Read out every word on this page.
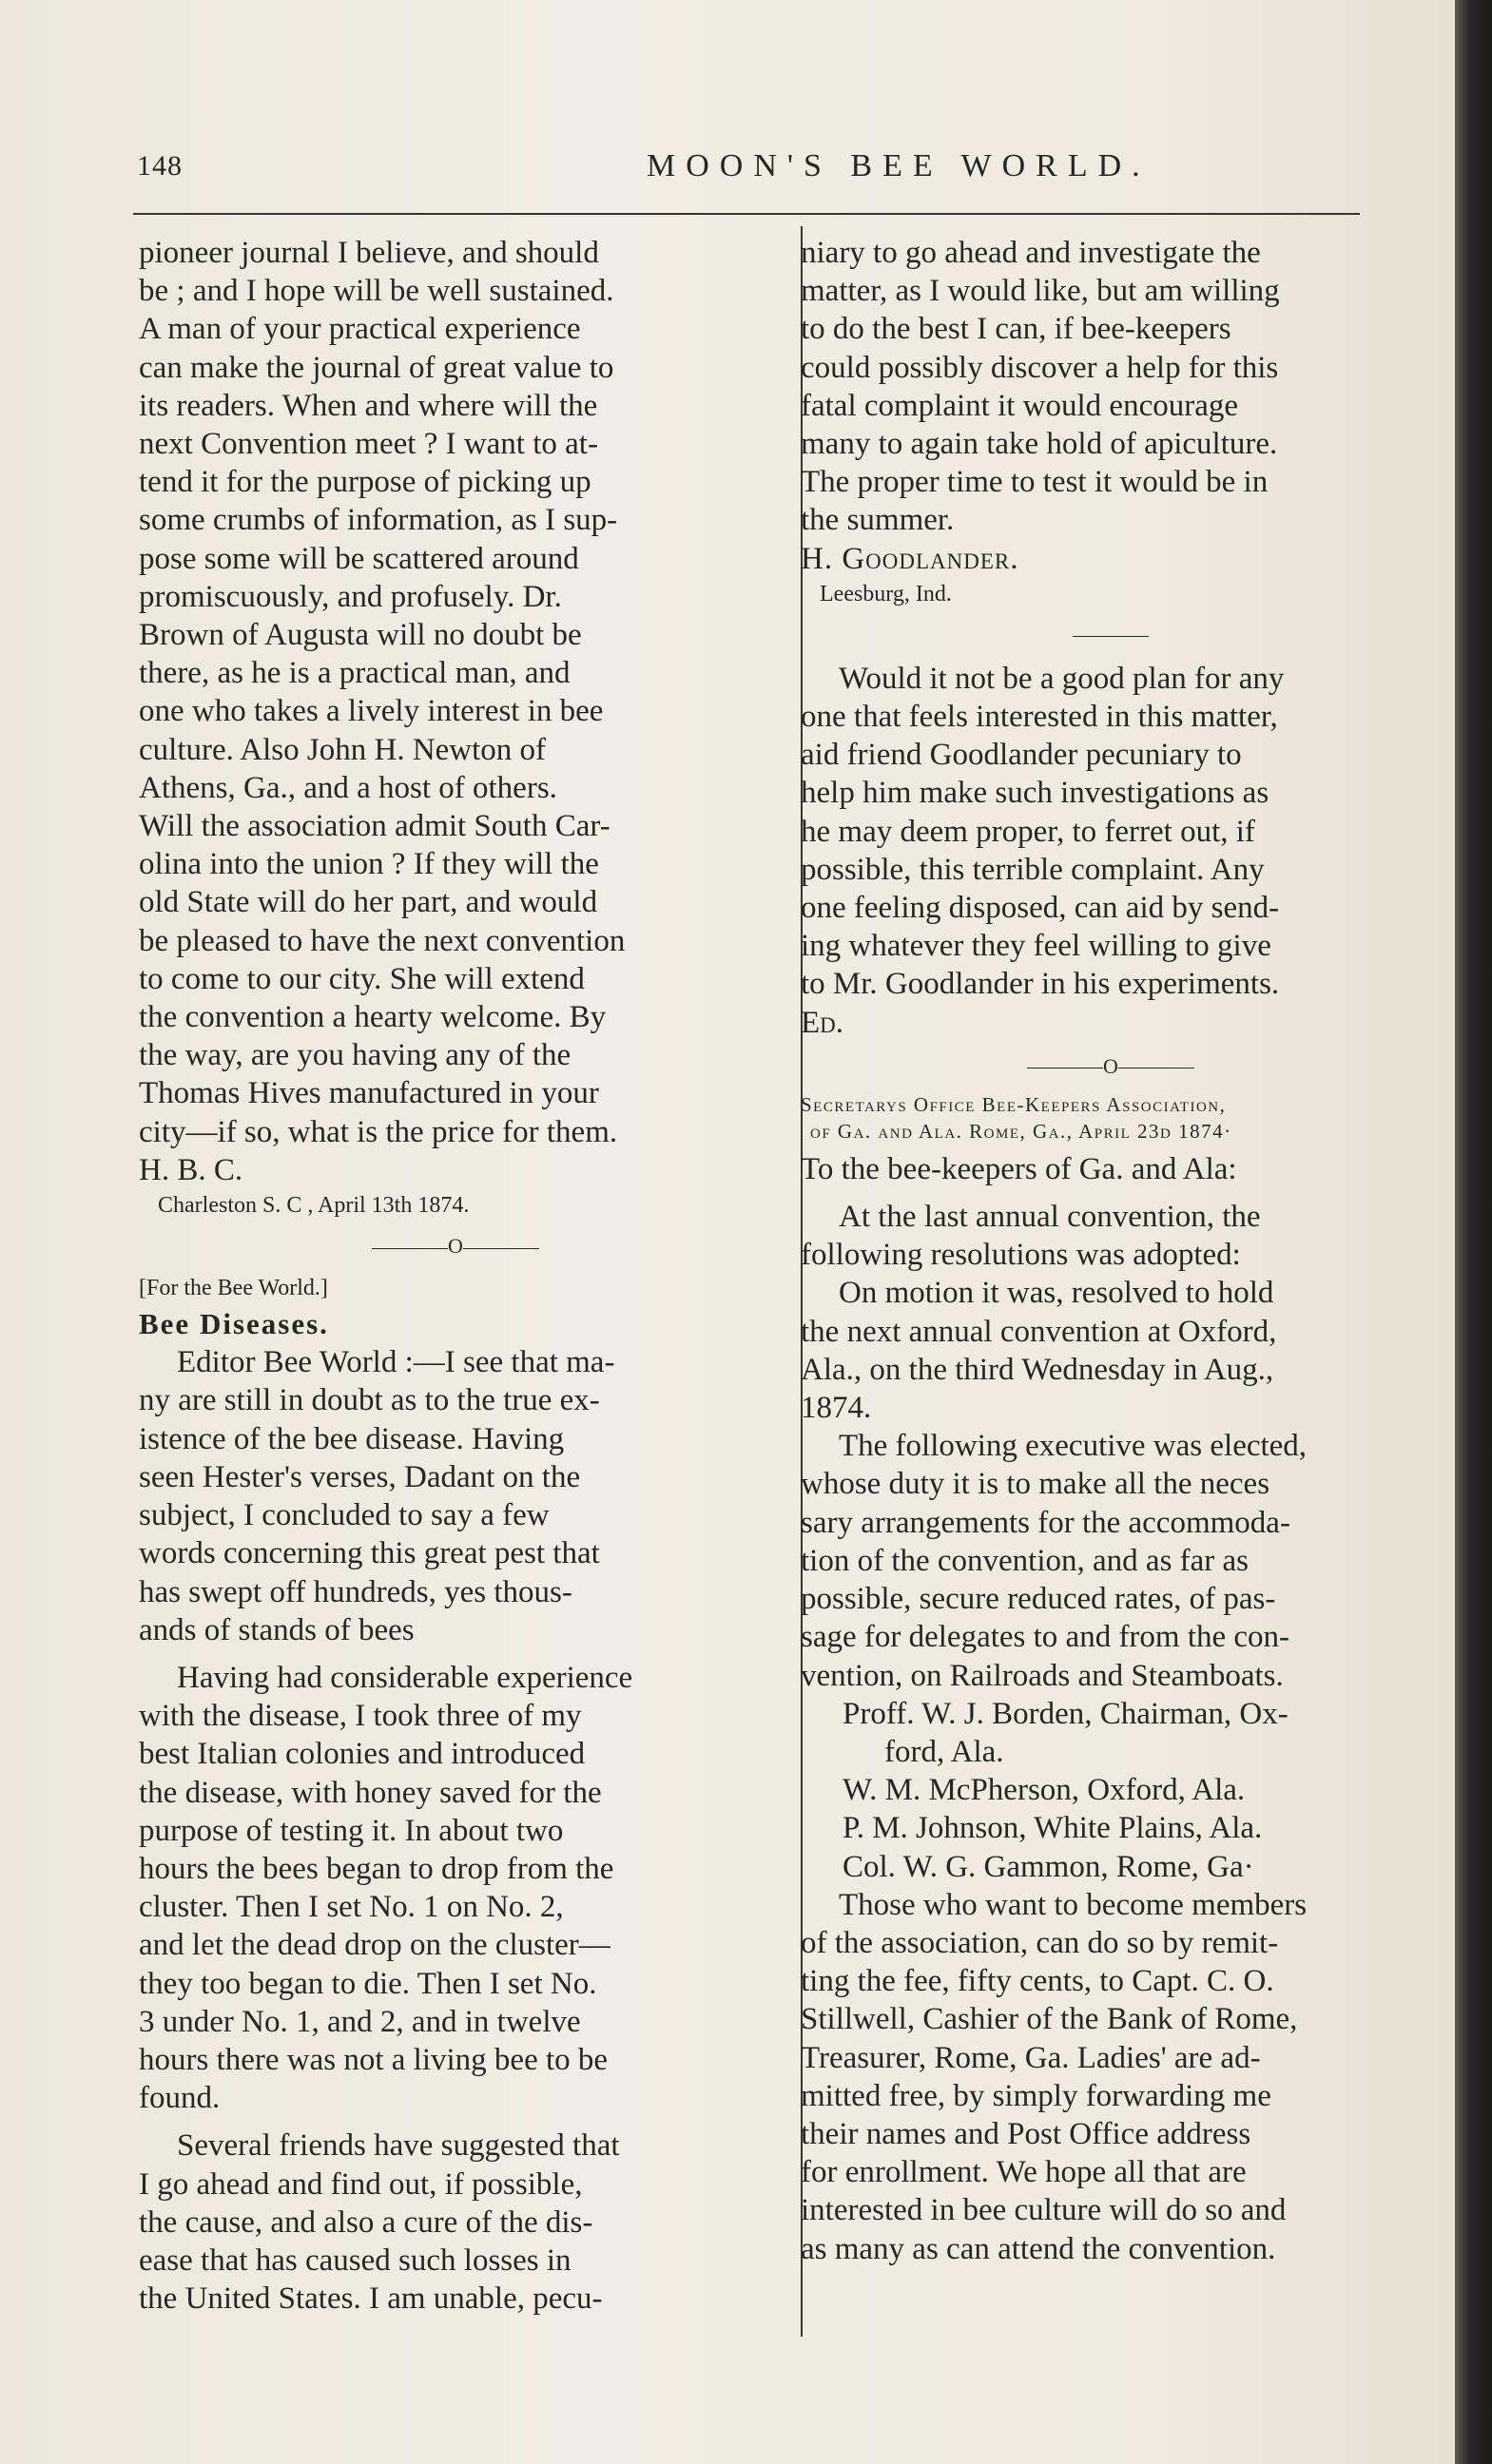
148	MOON'S BEE WORLD.

pioneer journal I believe, and should

be ; and I hope will be well sustained.

A man of your practical experience

can make the journal of great value to

its readers. When and where will the

next Convention meet ? I want to at-

tend it for the purpose of picking up

some crumbs of information, as I sup-

pose some will be scattered around

promiscuously, and profusely. Dr.

Brown of Augusta will no doubt be

there, as he is a practical man, and

one who takes a lively interest in bee

culture. Also John H. Newton of

Athens, Ga., and a host of others.

Will the association admit South Car-

olina into the union ? If they will the

old State will do her part, and would

be pleased to have the next convention

to come to our city. She will extend

the convention a hearty welcome. By

the way, are you having any of the

Thomas Hives manufactured in your

city—if so, what is the price for them.

H. B. C.

Charleston S. C , April 13th 1874.

O

[For the Bee World.]

Bee Diseases.

Editor Bee World :—I see that ma-

ny are still in doubt as to the true ex-

istence of the bee disease. Having

seen Hester's verses, Dadant on the

subject, I concluded to say a few

words concerning this great pest that

has swept off hundreds, yes thous-

ands of stands of bees

Having had considerable experience

with the disease, I took three of my

best Italian colonies and introduced

the disease, with honey saved for the

purpose of testing it. In about two

hours the bees began to drop from the

cluster. Then I set No. 1 on No. 2,

and let the dead drop on the cluster—

they too began to die. Then I set No.

3 under No. 1, and 2, and in twelve

hours there was not a living bee to be

found.

Several friends have suggested that

I go ahead and find out, if possible,

the cause, and also a cure of the dis-

ease that has caused such losses in

the United States. I am unable, pecu-

niary to go ahead and investigate the

matter, as I would like, but am willing

to do the best I can, if bee-keepers

could possibly discover a help for this

fatal complaint it would encourage

many to again take hold of apiculture.

The proper time to test it would be in

the summer.

H. Goodlander.

Leesburg, Ind.

Would it not be a good plan for any

one that feels interested in this matter,

aid friend Goodlander pecuniary to

help him make such investigations as

he may deem proper, to ferret out, if

possible, this terrible complaint. Any

one feeling disposed, can aid by send-

ing whatever they feel willing to give

to Mr. Goodlander in his experiments.

Ed.

O

Secretarys Office Bee-Keepers Association,

of Ga. and Ala. Rome, Ga., April 23d 1874·

To the bee-keepers of Ga. and Ala:

At the last annual convention, the

following resolutions was adopted:

On motion it was, resolved to hold

the next annual convention at Oxford,

Ala., on the third Wednesday in Aug.,

1874.

The following executive was elected,

whose duty it is to make all the neces

sary arrangements for the accommoda-

tion of the convention, and as far as

possible, secure reduced rates, of pas-

sage for delegates to and from the con-

vention, on Railroads and Steamboats.

Proff. W. J. Borden, Chairman, Ox-

ford, Ala.

W. M. McPherson, Oxford, Ala.

P. M. Johnson, White Plains, Ala.

Col. W. G. Gammon, Rome, Ga·

Those who want to become members

of the association, can do so by remit-

ting the fee, fifty cents, to Capt. C. O.

Stillwell, Cashier of the Bank of Rome,

Treasurer, Rome, Ga. Ladies' are ad-

mitted free, by simply forwarding me

their names and Post Office address

for enrollment. We hope all that are

interested in bee culture will do so and

as many as can attend the convention.
